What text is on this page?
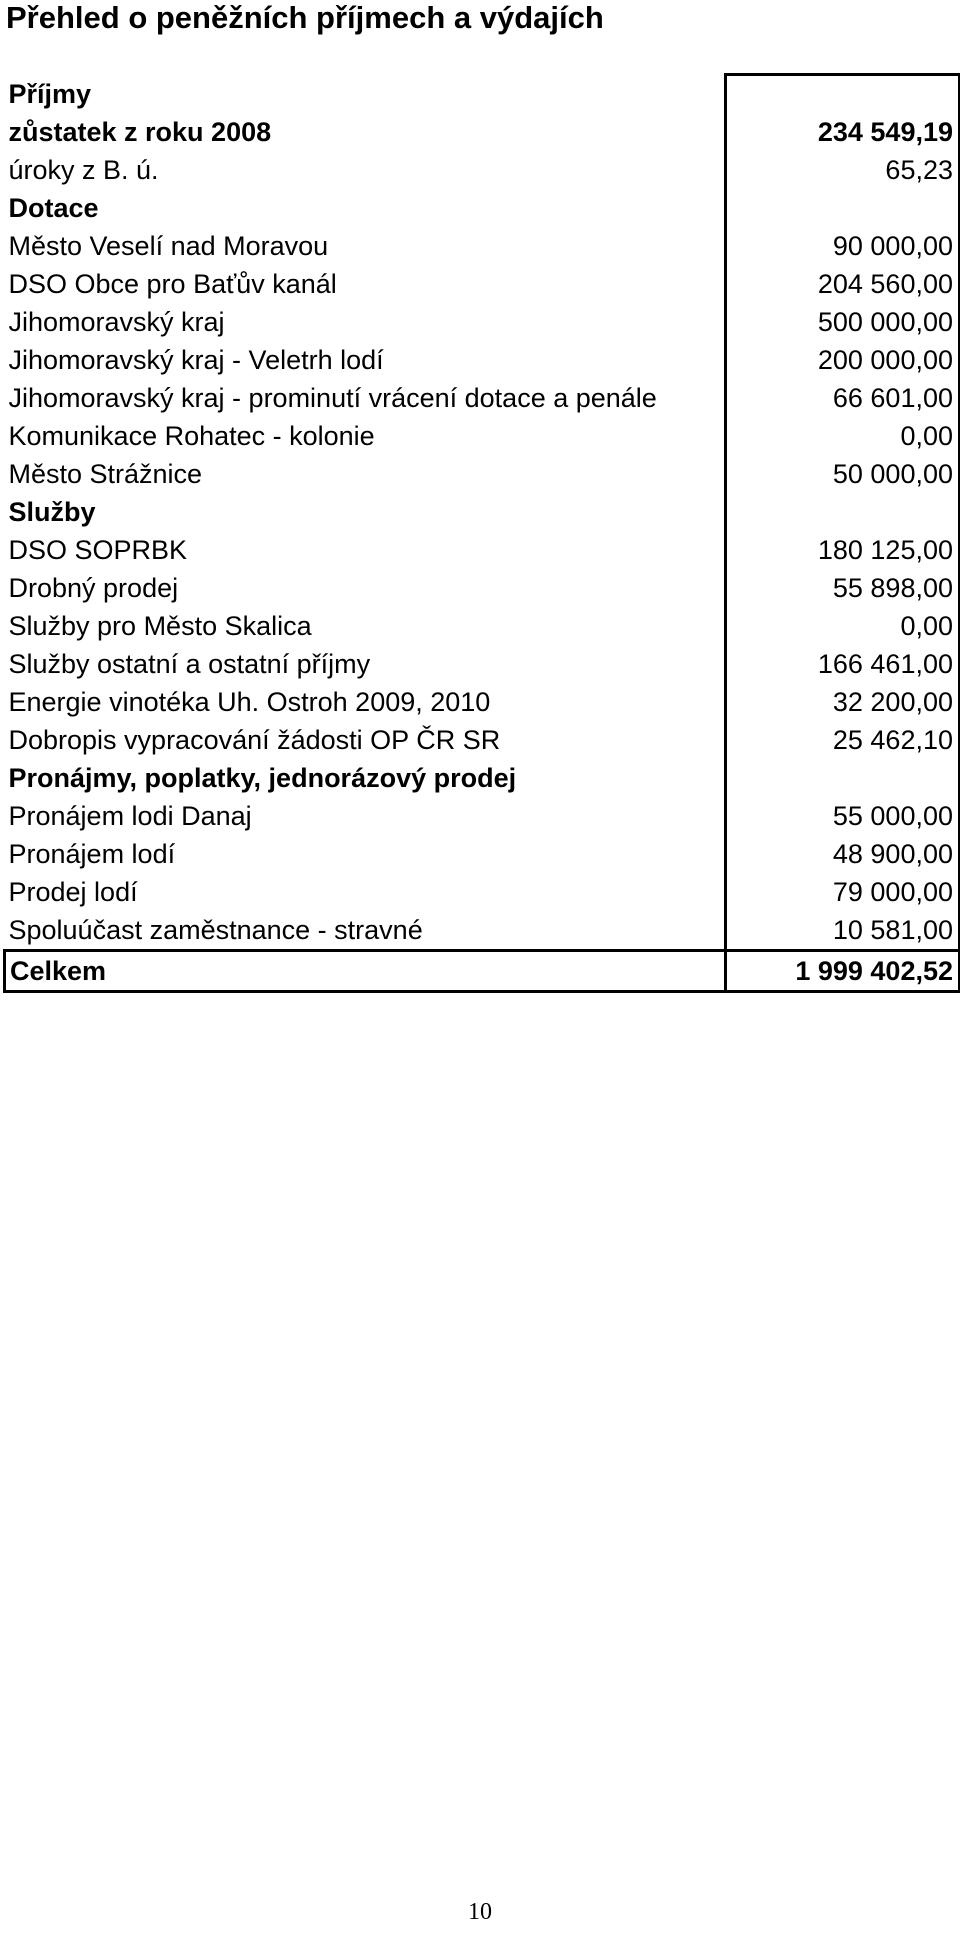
Přehled o peněžních příjmech a výdajích
Příjmy	
zůstatek z roku 2008	234 549,19
úroky z B. ú.	65,23
Dotace	
Město Veselí nad Moravou	90 000,00
DSO Obce pro Baťův kanál	204 560,00
Jihomoravský kraj	500 000,00
Jihomoravský kraj - Veletrh lodí	200 000,00
Jihomoravský kraj - prominutí vrácení dotace a penále	66 601,00
Komunikace Rohatec - kolonie	0,00
Město Strážnice	50 000,00
Služby	
DSO SOPRBK	180 125,00
Drobný prodej	55 898,00
Služby pro Město Skalica	0,00
Služby ostatní a ostatní příjmy	166 461,00
Energie vinotéka Uh. Ostroh 2009, 2010	32 200,00
Dobropis vypracování žádosti OP ČR SR	25 462,10
Pronájmy, poplatky, jednorázový prodej	
Pronájem lodi Danaj	55 000,00
Pronájem lodí	48 900,00
Prodej lodí	79 000,00
Spoluúčast zaměstnance - stravné	10 581,00
Celkem	1 999 402,52
10
